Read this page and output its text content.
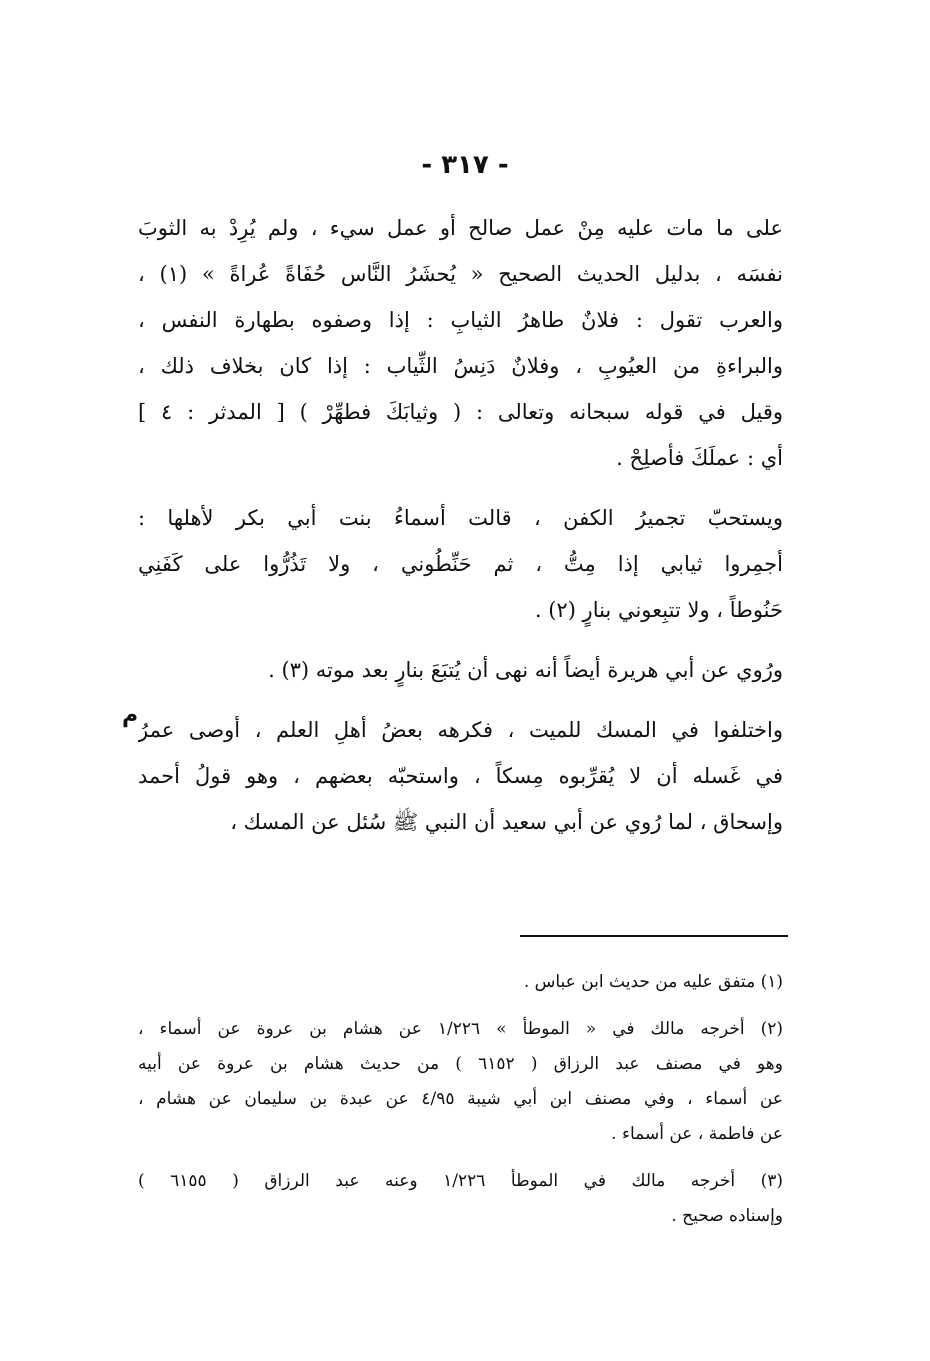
- ٣١٧ -
على ما مات عليه مِنْ عمل صالح أو عمل سيء ، ولم يُرِدْ به الثوبَ
نفسَه ، بدليل الحديث الصحيح « يُحشَرُ النَّاس حُفَاةً عُراةً » (١) ،
والعرب تقول : فلانٌ طاهرُ الثيابِ : إذا وصفوه بطهارة النفس ،
والبراءةِ من العيُوبِ ، وفلانٌ دَنِسُ الثِّياب : إذا كان بخلاف ذلك ،
وقيل في قوله سبحانه وتعالى : ( وثيابَكَ فطهِّرْ ) [ المدثر : ٤ ]
أي : عملَكَ فأصلِحْ .
ويستحبّ تجميرُ الكفن ، قالت أسماءُ بنت أبي بكر لأهلها :
أجمِروا ثيابي إذا مِتُّ ، ثم حَنِّطُوني ، ولا تَذُرُّوا على كَفَنِي
حَنُوطاً ، ولا تتبِعوني بنارٍ (٢) .
ورُوي عن أبي هريرة أيضاً أنه نهى أن يُتبَعَ بنارٍ بعد موته (٣) .
واختلفوا في المسك للميت ، فكرهه بعضُ أهلِ العلم ، أوصى عمرُ
في غَسله أن لا يُقرِّبوه مِسكاً ، واستحبّه بعضهم ، وهو قولُ أحمد
وإسحاق ، لما رُوي عن أبي سعيد أن النبي ﷺ سُئل عن المسك ،
م
(١) متفق عليه من حديث ابن عباس .
(٢) أخرجه مالك في « الموطأ » ١/٢٢٦ عن هشام بن عروة عن أسماء ،
وهو في مصنف عبد الرزاق ( ٦١٥٢ ) من حديث هشام بن عروة عن أبيه
عن أسماء ، وفي مصنف ابن أبي شيبة ٤/٩٥ عن عبدة بن سليمان عن هشام ،
عن فاطمة ، عن أسماء .
(٣) أخرجه مالك في الموطأ ١/٢٢٦ وعنه عبد الرزاق ( ٦١٥٥ )
وإسناده صحيح .
